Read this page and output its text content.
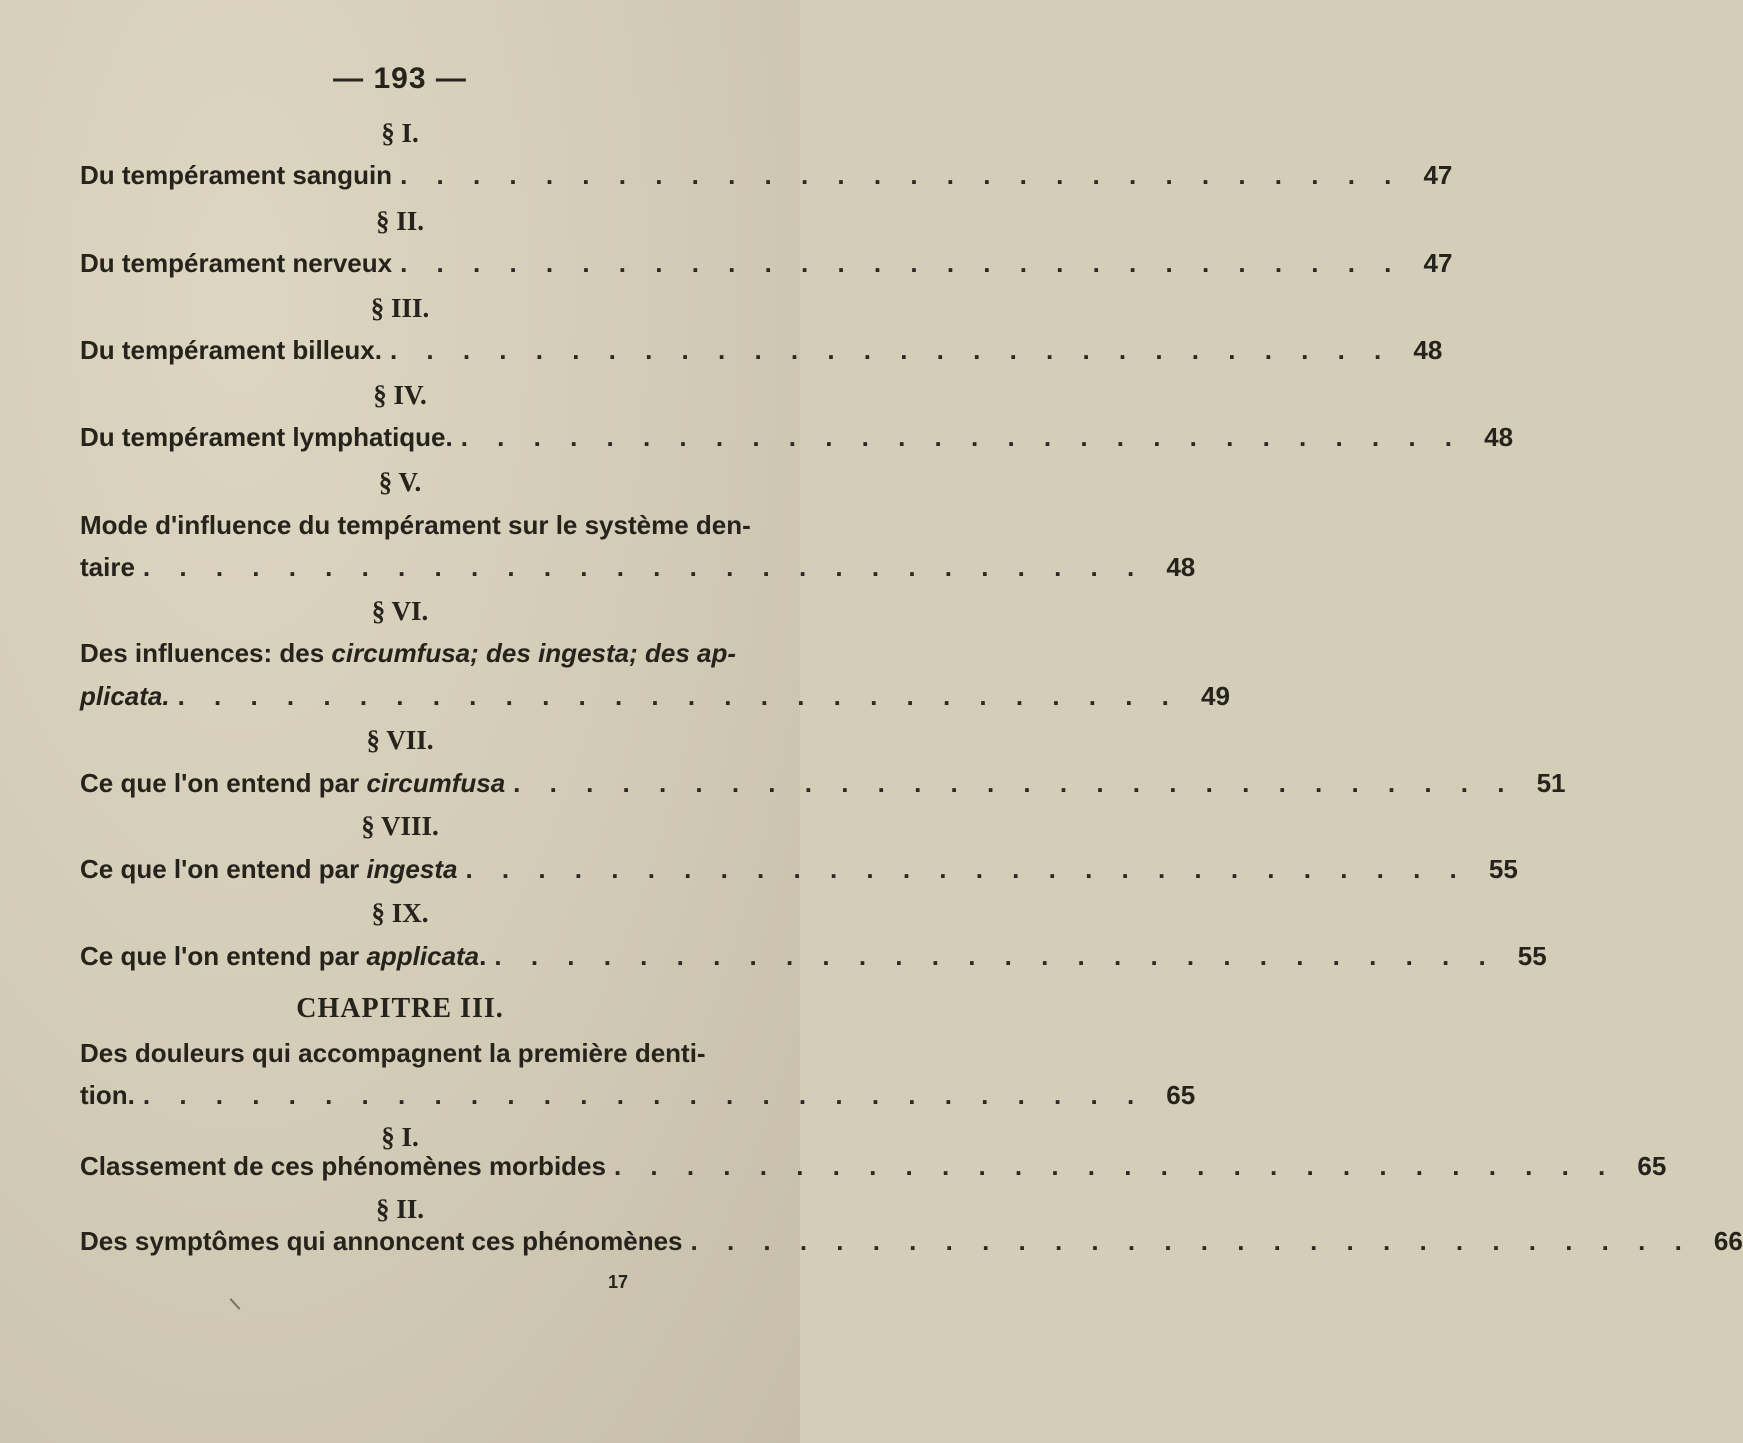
— 193 —
§ I.
Du tempérament sanguin . . . . . . . . . . . . . . . . . . . . . . . . . . . . 47
§ II.
Du tempérament nerveux . . . . . . . . . . . . . . . . . . . . . . . . . . . . 47
§ III.
Du tempérament billeux. . . . . . . . . . . . . . . . . . . . . . . . . . . . . 48
§ IV.
Du tempérament lymphatique. . . . . . . . . . . . . . . . . . . . . . . . . . . . . 48
§ V.
Mode d'influence du tempérament sur le système den-
taire . . . . . . . . . . . . . . . . . . . . . . . . . . . . 48
§ VI.
Des influences: des circumfusa; des ingesta; des ap-
plicata. . . . . . . . . . . . . . . . . . . . . . . . . . . . . 49
§ VII.
Ce que l'on entend par circumfusa . . . . . . . . . . . . . . . . . . . . . . . . . . . . 51
§ VIII.
Ce que l'on entend par ingesta . . . . . . . . . . . . . . . . . . . . . . . . . . . . 55
§ IX.
Ce que l'on entend par applicata. . . . . . . . . . . . . . . . . . . . . . . . . . . . . 55
CHAPITRE III.
Des douleurs qui accompagnent la première denti-
tion. . . . . . . . . . . . . . . . . . . . . . . . . . . . . 65
§ I.
Classement de ces phénomènes morbides . . . . . . . . . . . . . . . . . . . . . . . . . . . . 65
§ II.
Des symptômes qui annoncent ces phénomènes . . . . . . . . . . . . . . . . . . . . . . . . . . . . 66
17
